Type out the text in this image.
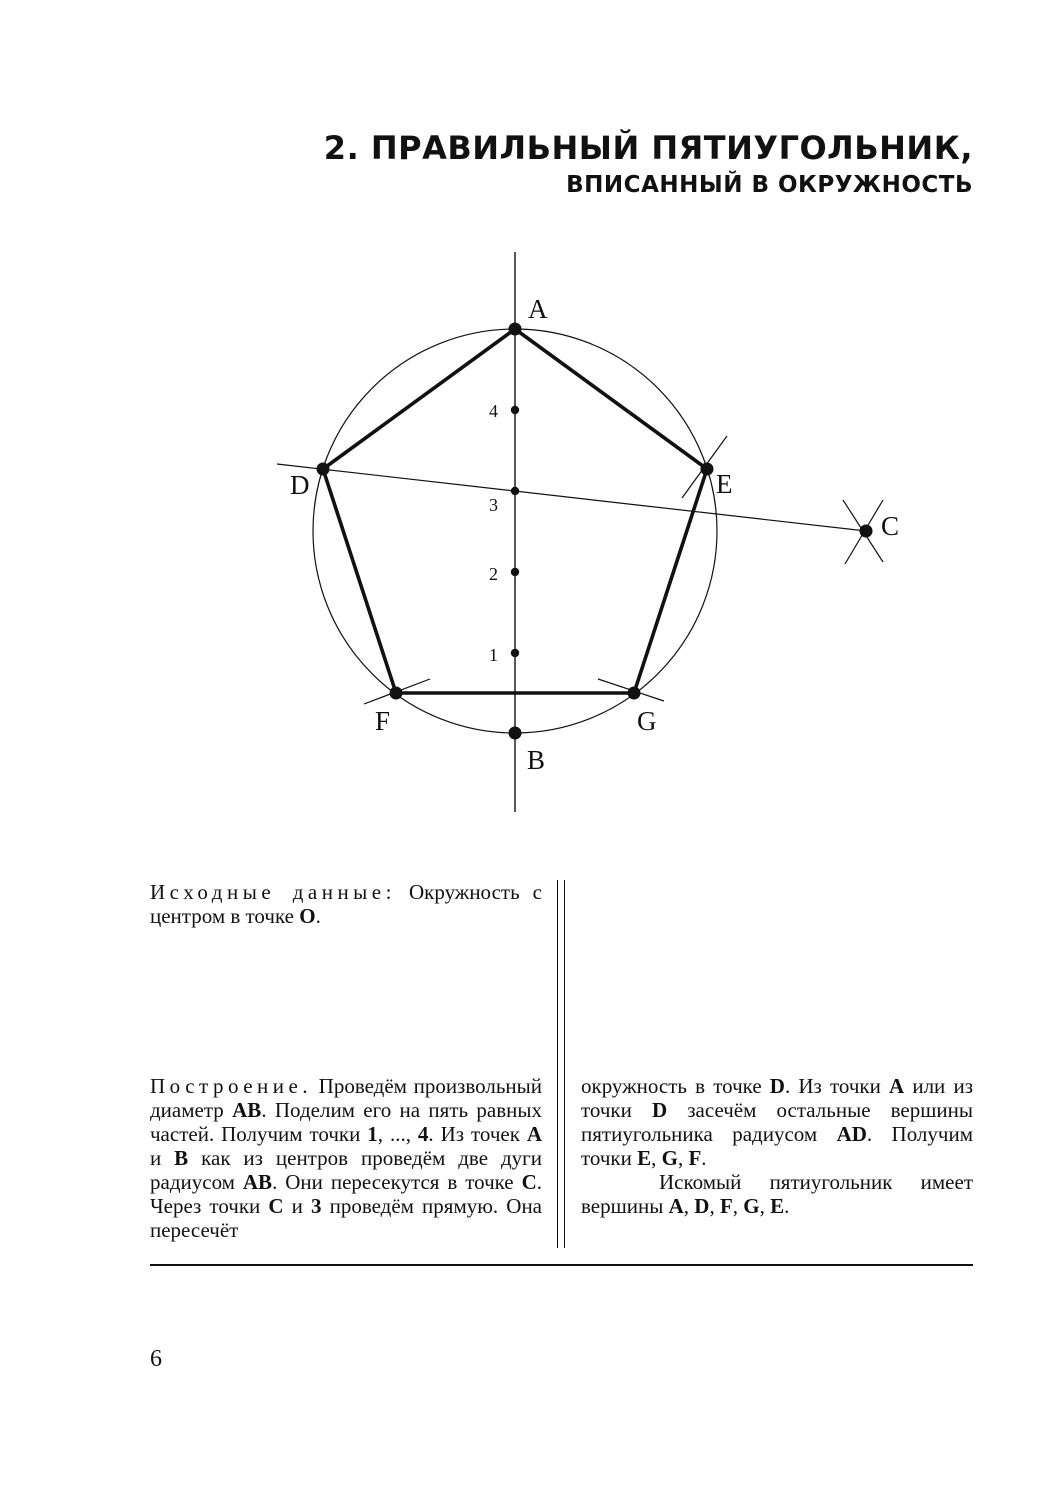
2. ПРАВИЛЬНЫЙ ПЯТИУГОЛЬНИК,
ВПИСАННЫЙ В ОКРУЖНОСТЬ
A
B
C
D	E
F	G
4
3
2
1
Исходные данные: Окружность с центром в точке O.
Построение. Проведём произвольный диаметр AB. Поделим его на пять равных частей. Получим точки 1, ..., 4. Из точек A и B как из центров проведём две дуги радиусом AB. Они пересекутся в точке C. Через точки C и 3 проведём прямую. Она пересечёт

окружность в точке D. Из точки A или из точки D засечём остальные вершины пятиугольника радиусом AD. Получим точки E, G, F.

Искомый пятиугольник имеет вершины A, D, F, G, E.

6
